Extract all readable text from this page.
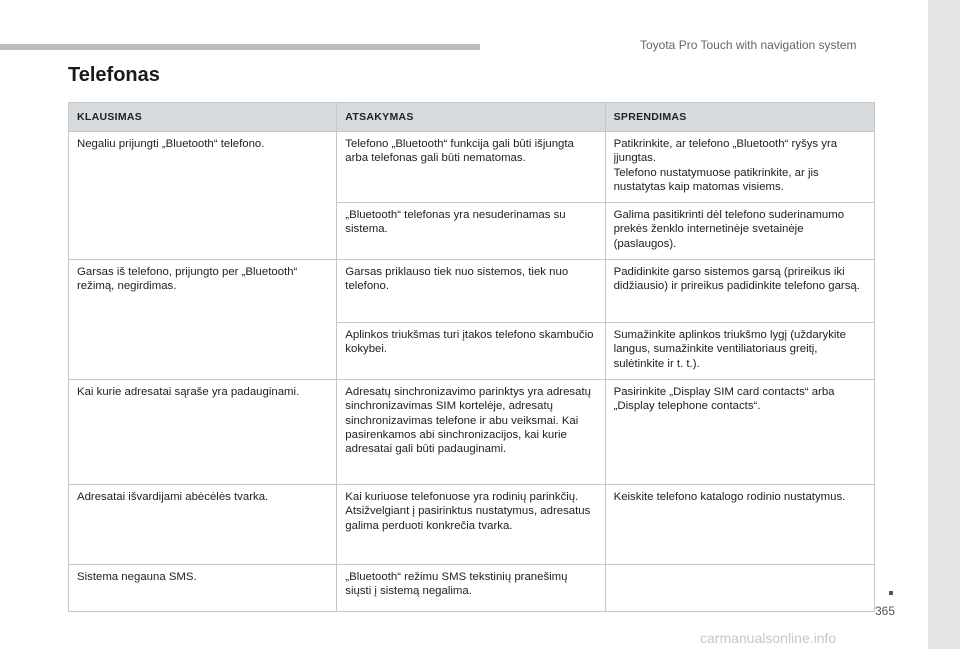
Toyota Pro Touch with navigation system
Telefonas
KLAUSIMAS	ATSAKYMAS	SPRENDIMAS
Negaliu prijungti „Bluetooth“ telefono.	Telefono „Bluetooth“ funkcija gali būti išjungta arba telefonas gali būti nematomas.	Patikrinkite, ar telefono „Bluetooth“ ryšys yra įjungtas.
Telefono nustatymuose patikrinkite, ar jis nustatytas kaip matomas visiems.
	„Bluetooth“ telefonas yra nesuderinamas su sistema.	Galima pasitikrinti dėl telefono suderinamumo prekės ženklo internetinėje svetainėje (paslaugos).
Garsas iš telefono, prijungto per „Bluetooth“ režimą, negirdimas.	Garsas priklauso tiek nuo sistemos, tiek nuo telefono.	Padidinkite garso sistemos garsą (prireikus iki didžiausio) ir prireikus padidinkite telefono garsą.
	Aplinkos triukšmas turi įtakos telefono skambučio kokybei.	Sumažinkite aplinkos triukšmo lygį (uždarykite langus, sumažinkite ventiliatoriaus greitį, sulėtinkite ir t. t.).
Kai kurie adresatai sąraše yra padauginami.	Adresatų sinchronizavimo parinktys yra adresatų sinchronizavimas SIM kortelėje, adresatų sinchronizavimas telefone ir abu veiksmai. Kai pasirenkamos abi sinchronizacijos, kai kurie adresatai gali būti padauginami.	Pasirinkite „Display SIM card contacts“ arba „Display telephone contacts“.
Adresatai išvardijami abėcėlės tvarka.	Kai kuriuose telefonuose yra rodinių parinkčių. Atsižvelgiant į pasirinktus nustatymus, adresatus galima perduoti konkrečia tvarka.	Keiskite telefono katalogo rodinio nustatymus.
Sistema negauna SMS.	„Bluetooth“ režimu SMS tekstinių pranešimų siųsti į sistemą negalima.	
365
carmanualsonline.info
